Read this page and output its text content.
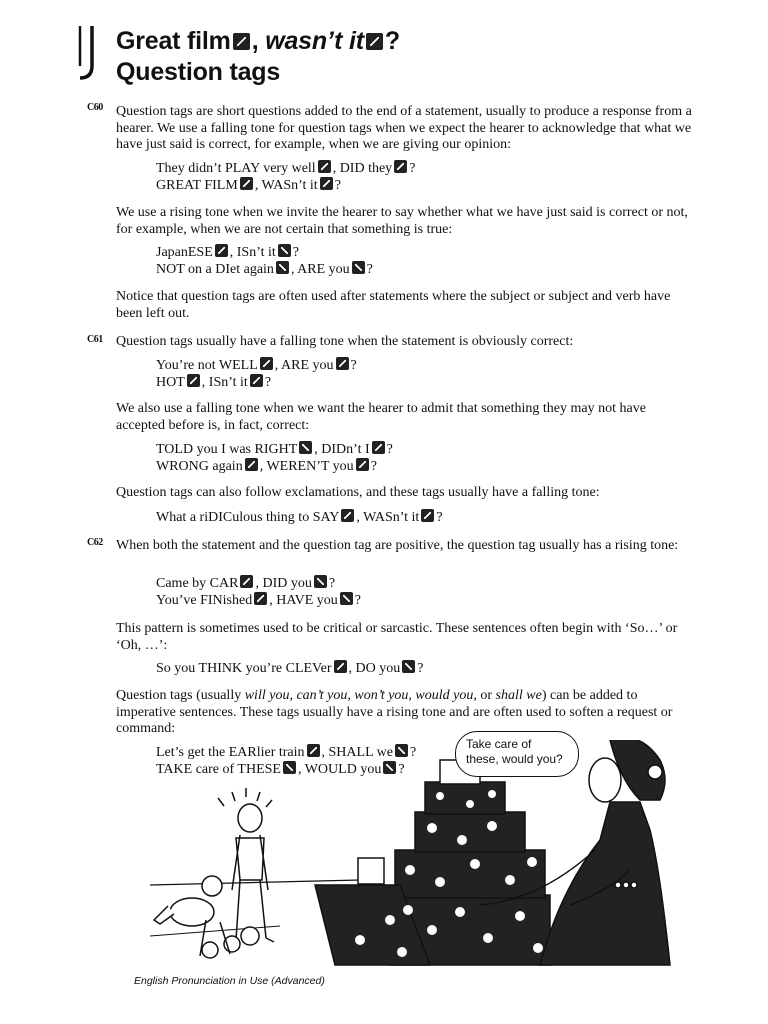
J
Great film , wasn’t it ?
Question tags
C60 Question tags are short questions added to the end of a statement, usually to produce a response from a hearer. We use a falling tone for question tags when we expect the hearer to acknowledge that what we have just said is correct, for example, when we are giving our opinion:
They didn’t PLAY very well , DID they ?
GREAT FILM , WASn’t it ?
We use a rising tone when we invite the hearer to say whether what we have just said is correct or not, for example, when we are not certain that something is true:
JapanESE , ISn’t it ?
NOT on a DIet again , ARE you ?
Notice that question tags are often used after statements where the subject or subject and verb have been left out.
C61 Question tags usually have a falling tone when the statement is obviously correct:
You’re not WELL , ARE you ?
HOT , ISn’t it ?
We also use a falling tone when we want the hearer to admit that something they may not have accepted before is, in fact, correct:
TOLD you I was RIGHT , DIDn’t I ?
WRONG again , WEREN’T you ?
Question tags can also follow exclamations, and these tags usually have a falling tone:
What a riDICulous thing to SAY , WASn’t it ?
C62 When both the statement and the question tag are positive, the question tag usually has a rising tone:
Came by CAR , DID you ?
You’ve FINished , HAVE you ?
This pattern is sometimes used to be critical or sarcastic. These sentences often begin with ‘So…’ or ‘Oh, …’:
So you THINK you’re CLEVer , DO you ?
Question tags (usually will you, can’t you, won’t you, would you, or shall we) can be added to imperative sentences. These tags usually have a rising tone and are often used to soften a request or command:
Let’s get the EARlier train , SHALL we ?
TAKE care of THESE , WOULD you ?
Take care of
these, would you?
English Pronunciation in Use (Advanced)
